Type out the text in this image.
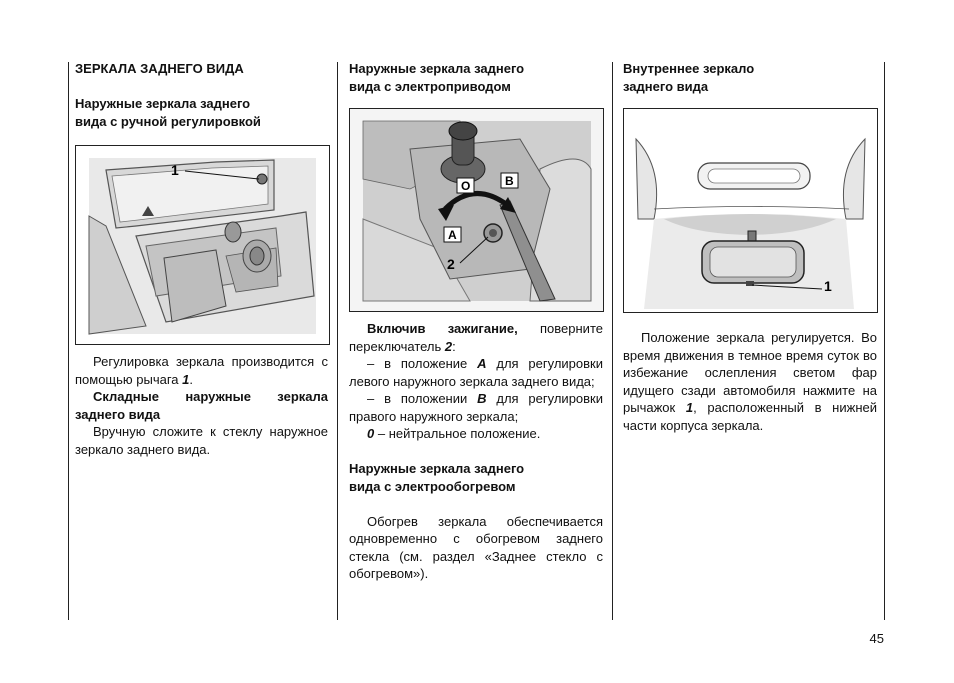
ЗЕРКАЛА ЗАДНЕГО ВИДА

Наружные зеркала заднего
вида с ручной регулировкой

1

Регулировка зеркала производится с помощью рычага 1.

Складные наружные зеркала заднего вида

Вручную сложите к стеклу наружное зеркало заднего вида.

Наружные зеркала заднего
вида с электроприводом

O	B
A
2

Включив зажигание, поверните переключатель 2:

– в положение A для регулировки левого наружного зеркала заднего вида;

– в положении B для регулировки правого наружного зеркала;

0 – нейтральное положение.

Наружные зеркала заднего
вида с электрообогревом

Обогрев зеркала обеспечивается одновременно с обогревом заднего стекла (см. раздел «Заднее стекло с обогревом»).

Внутреннее зеркало
заднего вида

1

Положение зеркала регулируется. Во время движения в темное время суток во избежание ослепления светом фар идущего сзади автомобиля нажмите на рычажок 1, расположенный в нижней части корпуса зеркала.

45
